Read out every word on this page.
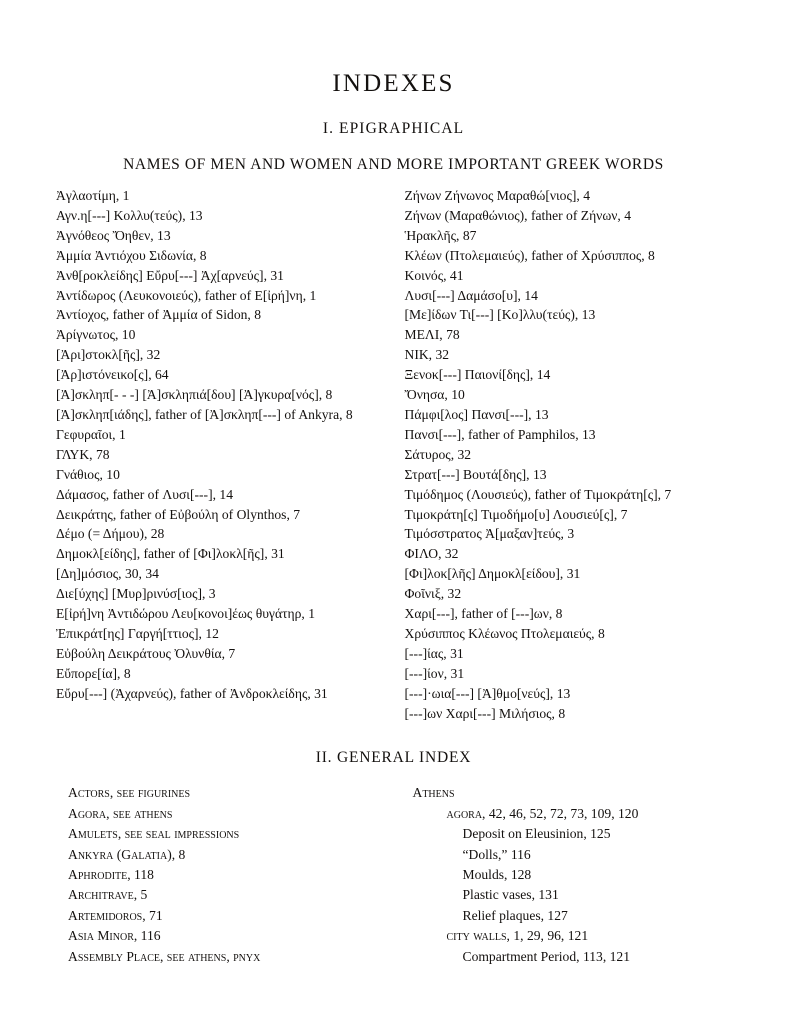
INDEXES
I. EPIGRAPHICAL
NAMES OF MEN AND WOMEN AND MORE IMPORTANT GREEK WORDS
Ἀγλαοτίμη, 1
Αγν.η[---] Κολλυ(τεύς), 13
Ἀγνόθεος Ὄηθεν, 13
Ἀμμία Ἀντιόχου Σιδωνία, 8
Ἀνθ[ροκλείδης] Εὔρυ[---] Ἀχ[αρνεύς], 31
Ἀντίδωρος (Λευκονοιεύς), father of Ε[ἰρή]νη, 1
Ἀντίοχος, father of Ἀμμία of Sidon, 8
Ἀρίγνωτος, 10
[Ἀρι]στοκλ[ῆς], 32
[Ἀρ]ιστόνεικο[ς], 64
[Ἀ]σκληπ[- - -] [Ἀ]σκληπιά[δου] [Ἀ]γκυρα[νός], 8
[Ἀ]σκληπ[ιάδης], father of [Ἀ]σκληπ[---] of Ankyra, 8
Γεφυραῖοι, 1
ΓΛΥΚ, 78
Γνάθιος, 10
Δάμασος, father of Λυσι[---], 14
Δεικράτης, father of Εὐβούλη of Olynthos, 7
Δέμο (= Δήμου), 28
Δημοκλ[είδης], father of [Φι]λοκλ[ῆς], 31
[Δη]μόσιος, 30, 34
Διε[ύχης] [Μυρ]ρινύσ[ιος], 3
Ε[ἰρή]νη Ἀντιδώρου Λευ[κονοι]έως θυγάτηρ, 1
Ἐπικράτ[ης] Γαργή[ττιος], 12
Εὐβούλη Δεικράτους Ὀλυνθία, 7
Εὔπορε[ία], 8
Εὔρυ[---] (Ἀχαρνεύς), father of Ἀνδροκλείδης, 31
Ζήνων Ζήνωνος Μαραθώ[νιος], 4
Ζήνων (Μαραθώνιος), father of Ζήνων, 4
Ἡρακλῆς, 87
Κλέων (Πτολεμαιεύς), father of Χρύσιππος, 8
Κοινός, 41
Λυσι[---] Δαμάσο[υ], 14
[Με]ίδων Τι[---] [Κο]λλυ(τεύς), 13
ΜΕΛΙ, 78
ΝΙΚ, 32
Ξενοκ[---] Παιονί[δης], 14
Ὄνησα, 10
Πάμφι[λος] Πανσι[---], 13
Πανσι[---], father of Pamphilos, 13
Σάτυρος, 32
Στρατ[---] Βουτά[δης], 13
Τιμόδημος (Λουσιεύς), father of Τιμοκράτη[ς], 7
Τιμοκράτη[ς] Τιμοδήμο[υ] Λουσιεύ[ς], 7
Τιμόσστρατος Ἀ[μαξαν]τεύς, 3
ΦΙΛΟ, 32
[Φι]λοκ[λῆς] Δημοκλ[είδου], 31
Φοῖνιξ, 32
Χαρι[---], father of [---]ων, 8
Χρύσιππος Κλέωνος Πτολεμαιεύς, 8
[---]ίας, 31
[---]ίον, 31
[---]·ωια[---] [Ἀ]θμο[νεύς], 13
[---]ων Χαρι[---] Μιλήσιος, 8
II. GENERAL INDEX
Actors, see figurines
Agora, see athens
Amulets, see seal impressions
Ankyra (Galatia), 8
Aphrodite, 118
Architrave, 5
Artemidoros, 71
Asia Minor, 116
Assembly Place, see athens, pnyx
Athens
agora, 42, 46, 52, 72, 73, 109, 120
Deposit on Eleusinion, 125
“Dolls,” 116
Moulds, 128
Plastic vases, 131
Relief plaques, 127
city walls, 1, 29, 96, 121
Compartment Period, 113, 121
